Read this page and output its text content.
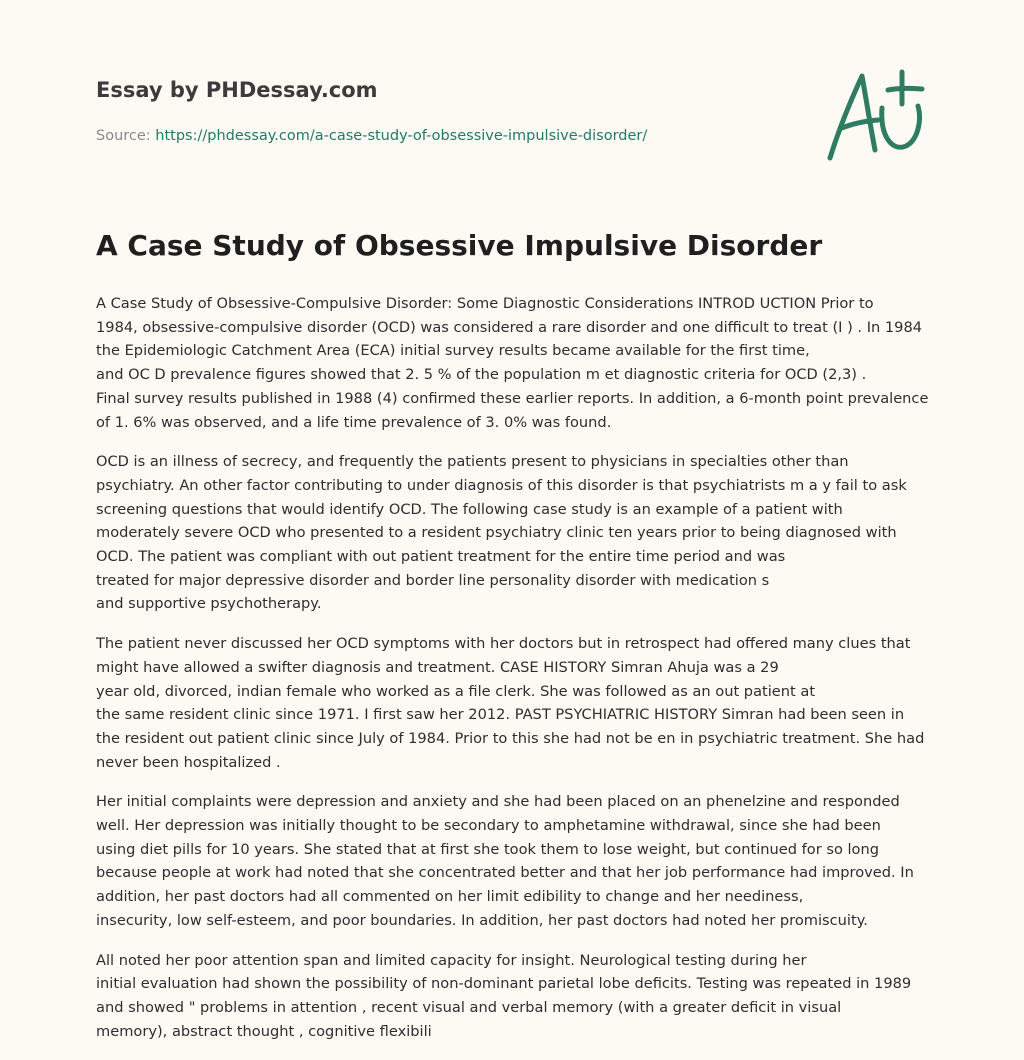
Essay by PHDessay.com
Source: https://phdessay.com/a-case-study-of-obsessive-impulsive-disorder/
A Case Study of Obsessive Impulsive Disorder

A Case Study of Obsessive-Compulsive Disorder: Some Diagnostic Considerations INTROD UCTION Prior to
1984, obsessive-compulsive disorder (OCD) was considered a rare disorder and one difficult to treat (I ) . In 1984
the Epidemiologic Catchment Area (ECA) initial survey results became available for the first time,
and OC D prevalence figures showed that 2. 5 % of the population m et diagnostic criteria for OCD (2,3) .
Final survey results published in 1988 (4) confirmed these earlier reports. In addition, a 6-month point prevalence
of 1. 6% was observed, and a life time prevalence of 3. 0% was found.

OCD is an illness of secrecy, and frequently the patients present to physicians in specialties other than
psychiatry. An other factor contributing to under diagnosis of this disorder is that psychiatrists m a y fail to ask
screening questions that would identify OCD. The following case study is an example of a patient with
moderately severe OCD who presented to a resident psychiatry clinic ten years prior to being diagnosed with
OCD. The patient was compliant with out patient treatment for the entire time period and was
treated for major depressive disorder and border line personality disorder with medication s
and supportive psychotherapy.

The patient never discussed her OCD symptoms with her doctors but in retrospect had offered many clues that
might have allowed a swifter diagnosis and treatment. CASE HISTORY Simran Ahuja was a 29
year old, divorced, indian female who worked as a file clerk. She was followed as an out patient at
the same resident clinic since 1971. I first saw her 2012. PAST PSYCHIATRIC HISTORY Simran had been seen in
the resident out patient clinic since July of 1984. Prior to this she had not be en in psychiatric treatment. She had
never been hospitalized .

Her initial complaints were depression and anxiety and she had been placed on an phenelzine and responded
well. Her depression was initially thought to be secondary to amphetamine withdrawal, since she had been
using diet pills for 10 years. She stated that at first she took them to lose weight, but continued for so long
because people at work had noted that she concentrated better and that her job performance had improved. In
addition, her past doctors had all commented on her limit edibility to change and her neediness,
insecurity, low self-esteem, and poor boundaries. In addition, her past doctors had noted her promiscuity.

All noted her poor attention span and limited capacity for insight. Neurological testing during her
initial evaluation had shown the possibility of non-dominant parietal lobe deficits. Testing was repeated in 1989
and showed " problems in attention , recent visual and verbal memory (with a greater deficit in visual
memory), abstract thought , cognitive flexibili
